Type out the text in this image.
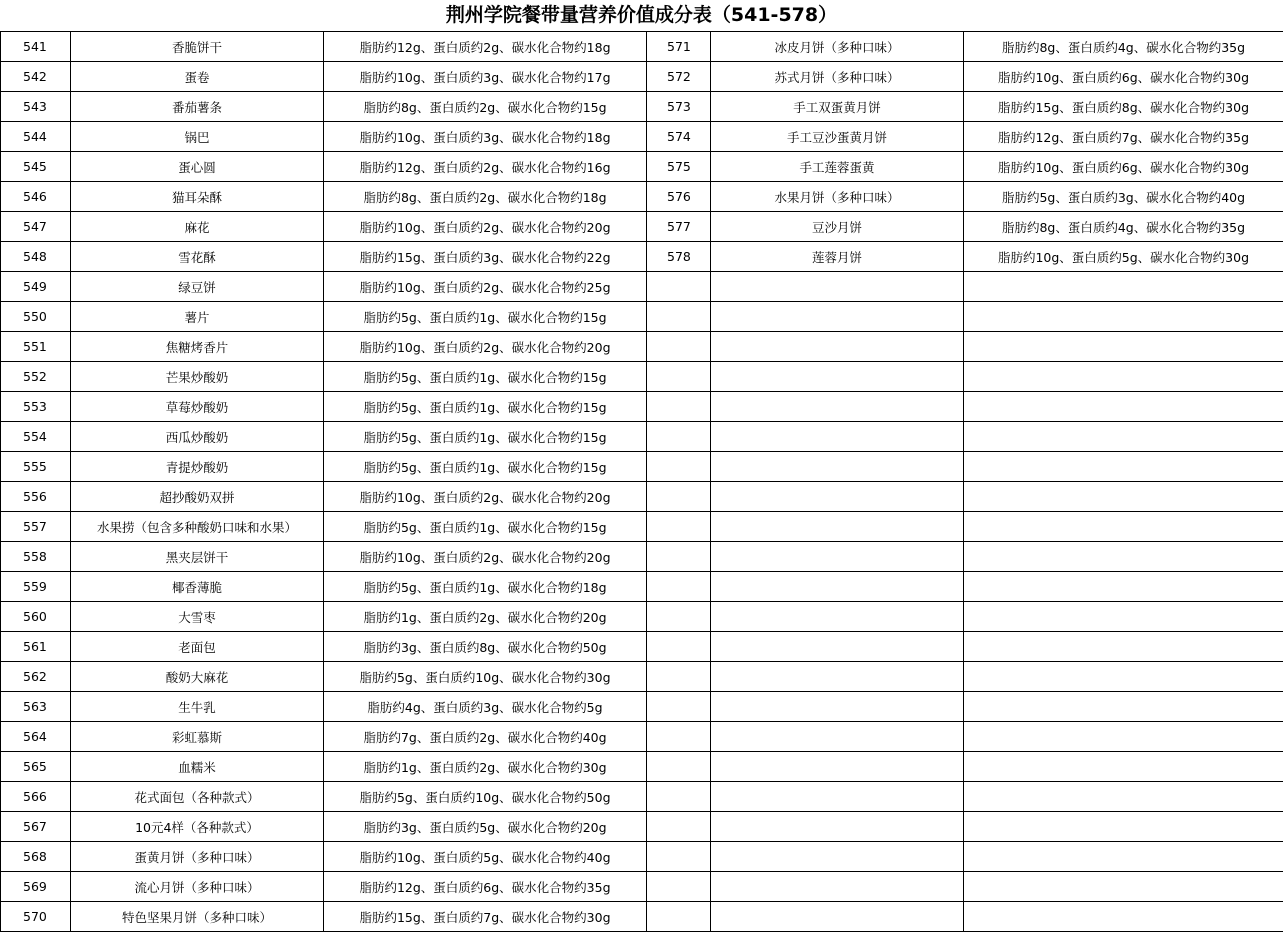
荆州学院餐带量营养价值成分表（541-578）
541	香脆饼干	脂肪约12g、蛋白质约2g、碳水化合物约18g	571	冰皮月饼（多种口味）	脂肪约8g、蛋白质约4g、碳水化合物约35g
542	蛋卷	脂肪约10g、蛋白质约3g、碳水化合物约17g	572	苏式月饼（多种口味）	脂肪约10g、蛋白质约6g、碳水化合物约30g
543	番茄薯条	脂肪约8g、蛋白质约2g、碳水化合物约15g	573	手工双蛋黄月饼	脂肪约15g、蛋白质约8g、碳水化合物约30g
544	锅巴	脂肪约10g、蛋白质约3g、碳水化合物约18g	574	手工豆沙蛋黄月饼	脂肪约12g、蛋白质约7g、碳水化合物约35g
545	蛋心圆	脂肪约12g、蛋白质约2g、碳水化合物约16g	575	手工莲蓉蛋黄	脂肪约10g、蛋白质约6g、碳水化合物约30g
546	猫耳朵酥	脂肪约8g、蛋白质约2g、碳水化合物约18g	576	水果月饼（多种口味）	脂肪约5g、蛋白质约3g、碳水化合物约40g
547	麻花	脂肪约10g、蛋白质约2g、碳水化合物约20g	577	豆沙月饼	脂肪约8g、蛋白质约4g、碳水化合物约35g
548	雪花酥	脂肪约15g、蛋白质约3g、碳水化合物约22g	578	莲蓉月饼	脂肪约10g、蛋白质约5g、碳水化合物约30g
549	绿豆饼	脂肪约10g、蛋白质约2g、碳水化合物约25g			
550	薯片	脂肪约5g、蛋白质约1g、碳水化合物约15g			
551	焦糖烤香片	脂肪约10g、蛋白质约2g、碳水化合物约20g			
552	芒果炒酸奶	脂肪约5g、蛋白质约1g、碳水化合物约15g			
553	草莓炒酸奶	脂肪约5g、蛋白质约1g、碳水化合物约15g			
554	西瓜炒酸奶	脂肪约5g、蛋白质约1g、碳水化合物约15g			
555	青提炒酸奶	脂肪约5g、蛋白质约1g、碳水化合物约15g			
556	超抄酸奶双拼	脂肪约10g、蛋白质约2g、碳水化合物约20g			
557	水果捞（包含多种酸奶口味和水果）	脂肪约5g、蛋白质约1g、碳水化合物约15g			
558	黑夹层饼干	脂肪约10g、蛋白质约2g、碳水化合物约20g			
559	椰香薄脆	脂肪约5g、蛋白质约1g、碳水化合物约18g			
560	大雪枣	脂肪约1g、蛋白质约2g、碳水化合物约20g			
561	老面包	脂肪约3g、蛋白质约8g、碳水化合物约50g			
562	酸奶大麻花	脂肪约5g、蛋白质约10g、碳水化合物约30g			
563	生牛乳	脂肪约4g、蛋白质约3g、碳水化合物约5g			
564	彩虹慕斯	脂肪约7g、蛋白质约2g、碳水化合物约40g			
565	血糯米	脂肪约1g、蛋白质约2g、碳水化合物约30g			
566	花式面包（各种款式）	脂肪约5g、蛋白质约10g、碳水化合物约50g			
567	10元4样（各种款式）	脂肪约3g、蛋白质约5g、碳水化合物约20g			
568	蛋黄月饼（多种口味）	脂肪约10g、蛋白质约5g、碳水化合物约40g			
569	流心月饼（多种口味）	脂肪约12g、蛋白质约6g、碳水化合物约35g			
570	特色坚果月饼（多种口味）	脂肪约15g、蛋白质约7g、碳水化合物约30g			
